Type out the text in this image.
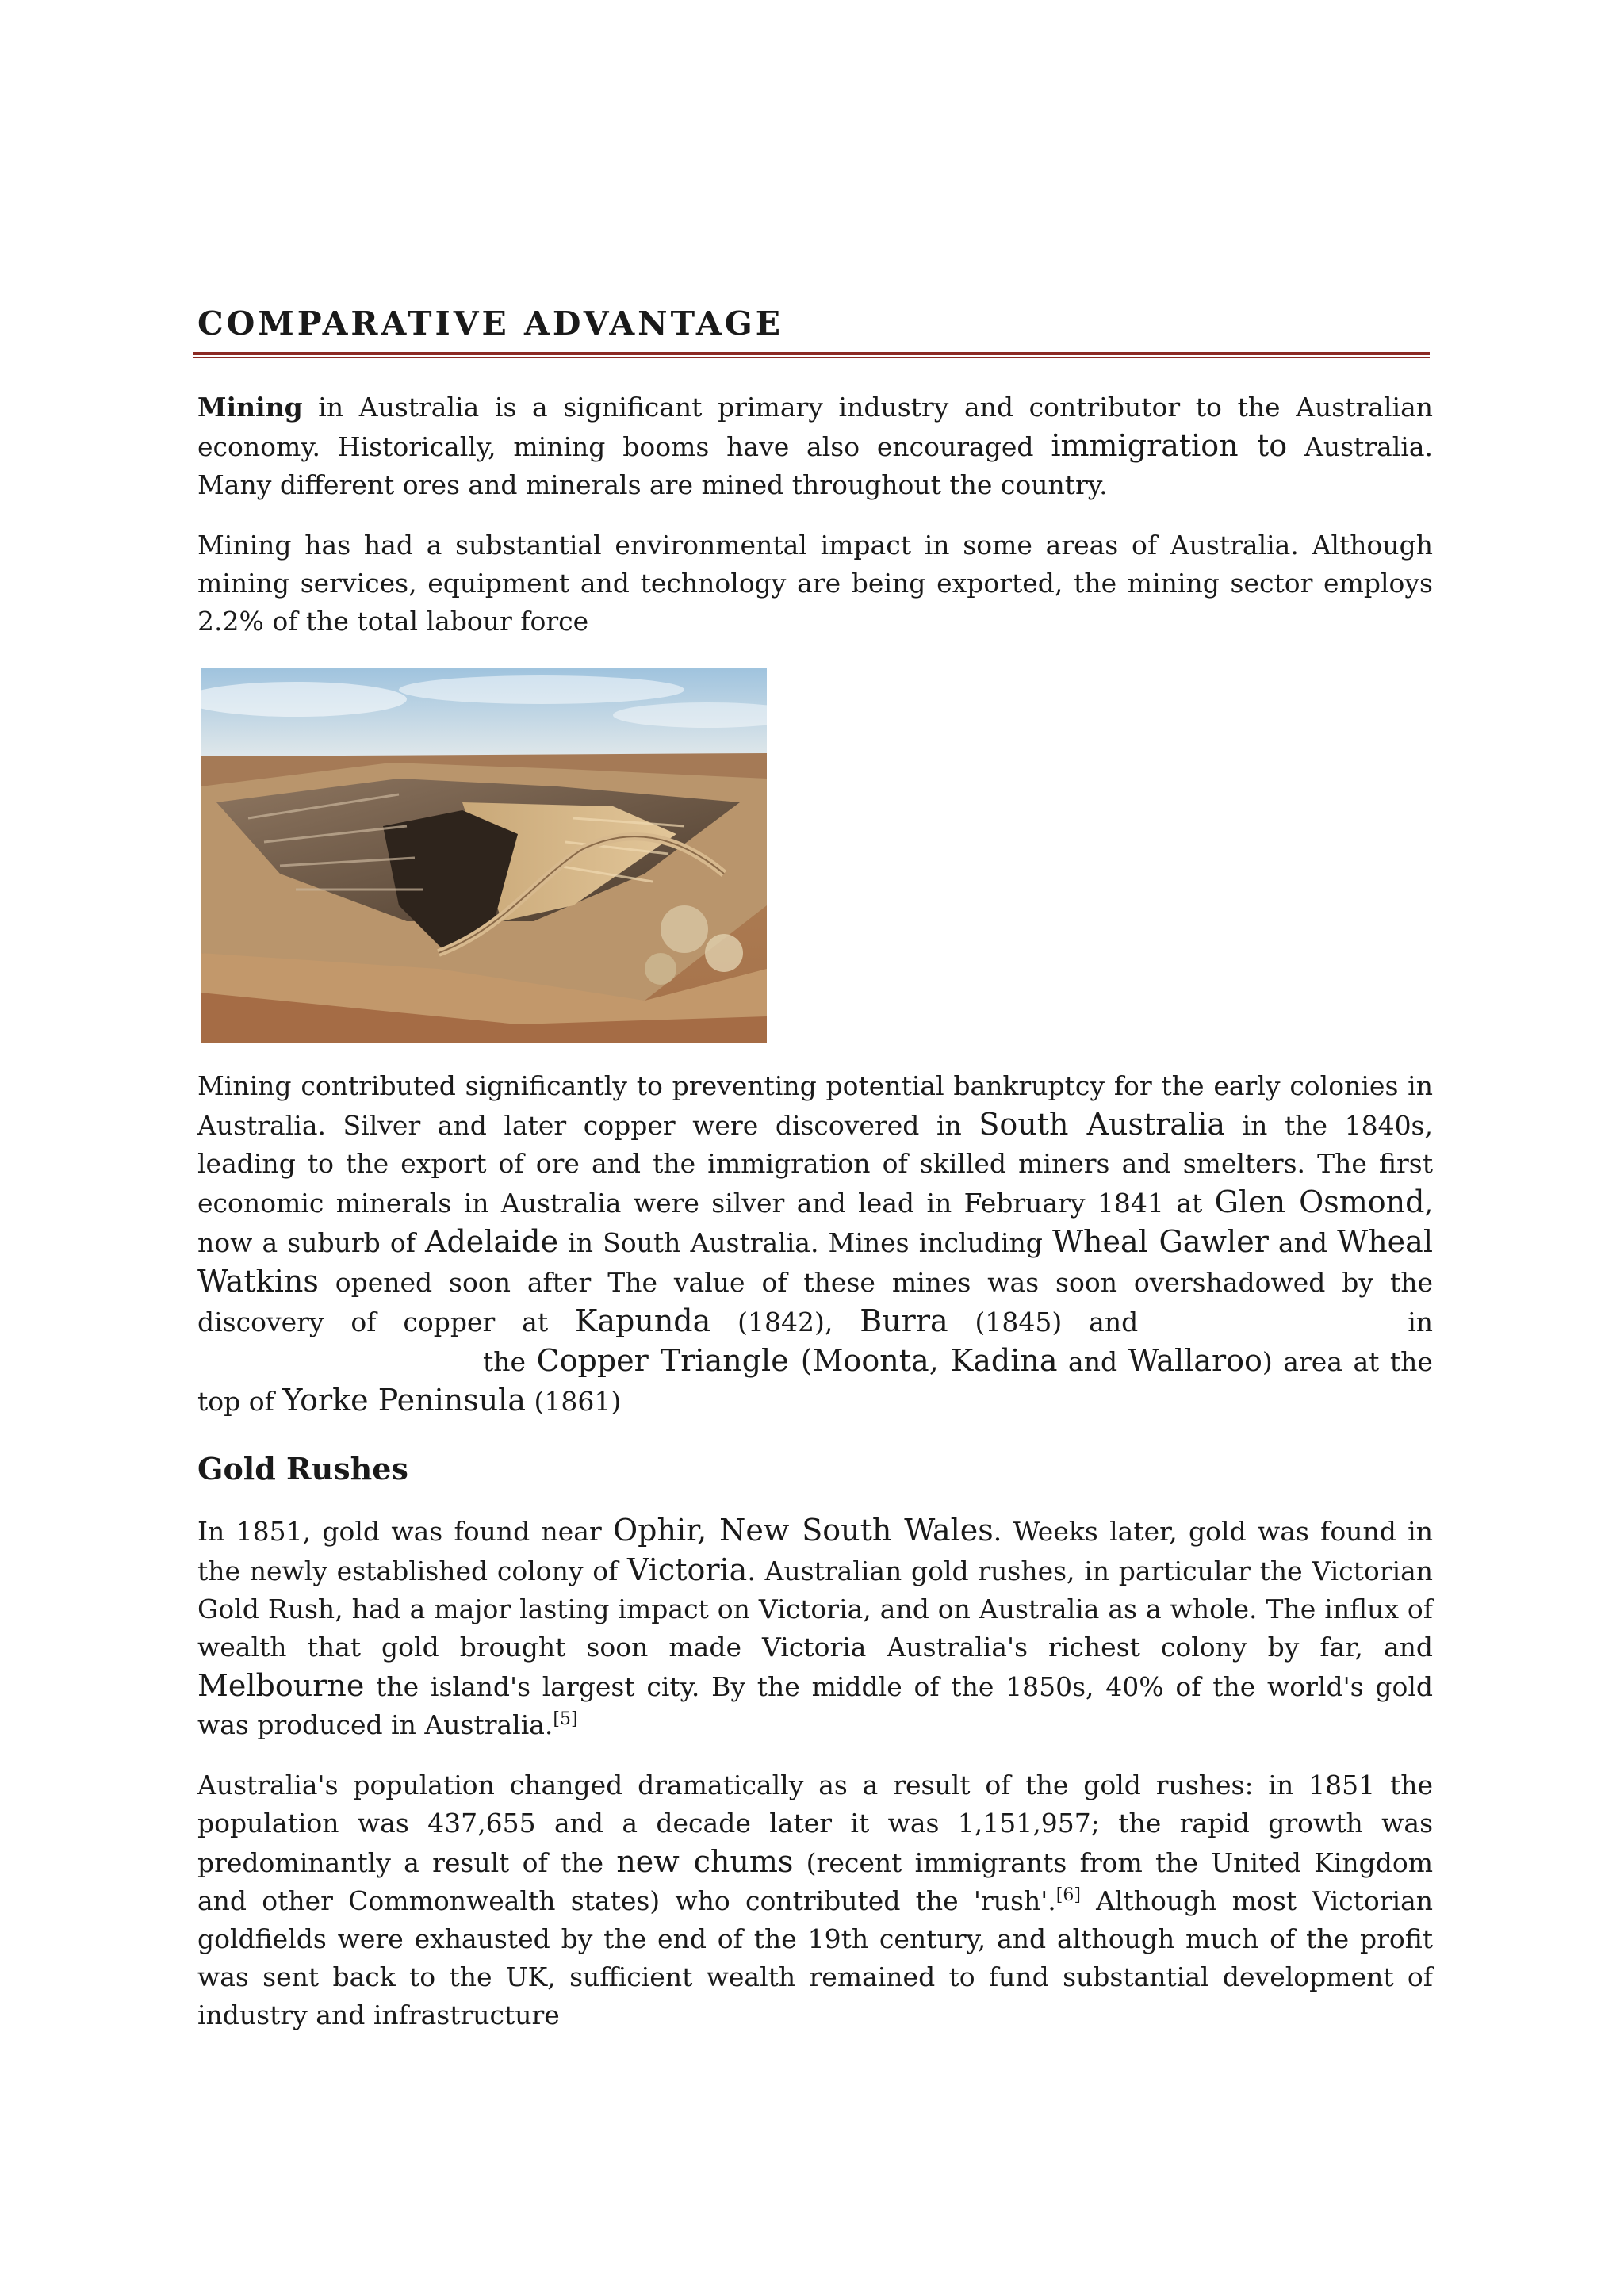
COMPARATIVE ADVANTAGE

Mining in Australia is a significant primary industry and contributor to the Australian economy. Historically, mining booms have also encouraged immigration to Australia. Many different ores and minerals are mined throughout the country.

Mining has had a substantial environmental impact in some areas of Australia. Although mining services, equipment and technology are being exported, the mining sector employs 2.2% of the total labour force

Mining contributed significantly to preventing potential bankruptcy for the early colonies in Australia. Silver and later copper were discovered in South Australia in the 1840s, leading to the export of ore and the immigration of skilled miners and smelters. The first economic minerals in Australia were silver and lead in February 1841 at Glen Osmond, now a suburb of Adelaide in South Australia. Mines including Wheal Gawler and Wheal Watkins opened soon after The value of these mines was soon overshadowed by the discovery of copper at Kapunda (1842), Burra (1845) and	inthe Copper Triangle (Moonta, Kadina and Wallaroo) area at the top of Yorke Peninsula (1861)

Gold Rushes

In 1851, gold was found near Ophir, New South Wales. Weeks later, gold was found in the newly established colony of Victoria. Australian gold rushes, in particular the Victorian Gold Rush, had a major lasting impact on Victoria, and on Australia as a whole. The influx of wealth that gold brought soon made Victoria Australia's richest colony by far, and Melbourne the island's largest city. By the middle of the 1850s, 40% of the world's gold was produced in Australia.[5]

Australia's population changed dramatically as a result of the gold rushes: in 1851 the population was 437,655 and a decade later it was 1,151,957; the rapid growth was predominantly a result of the new chums (recent immigrants from the United Kingdom and other Commonwealth states) who contributed the 'rush'.[6] Although most Victorian goldfields were exhausted by the end of the 19th century, and although much of the profit was sent back to the UK, sufficient wealth remained to fund substantial development of industry and infrastructure
